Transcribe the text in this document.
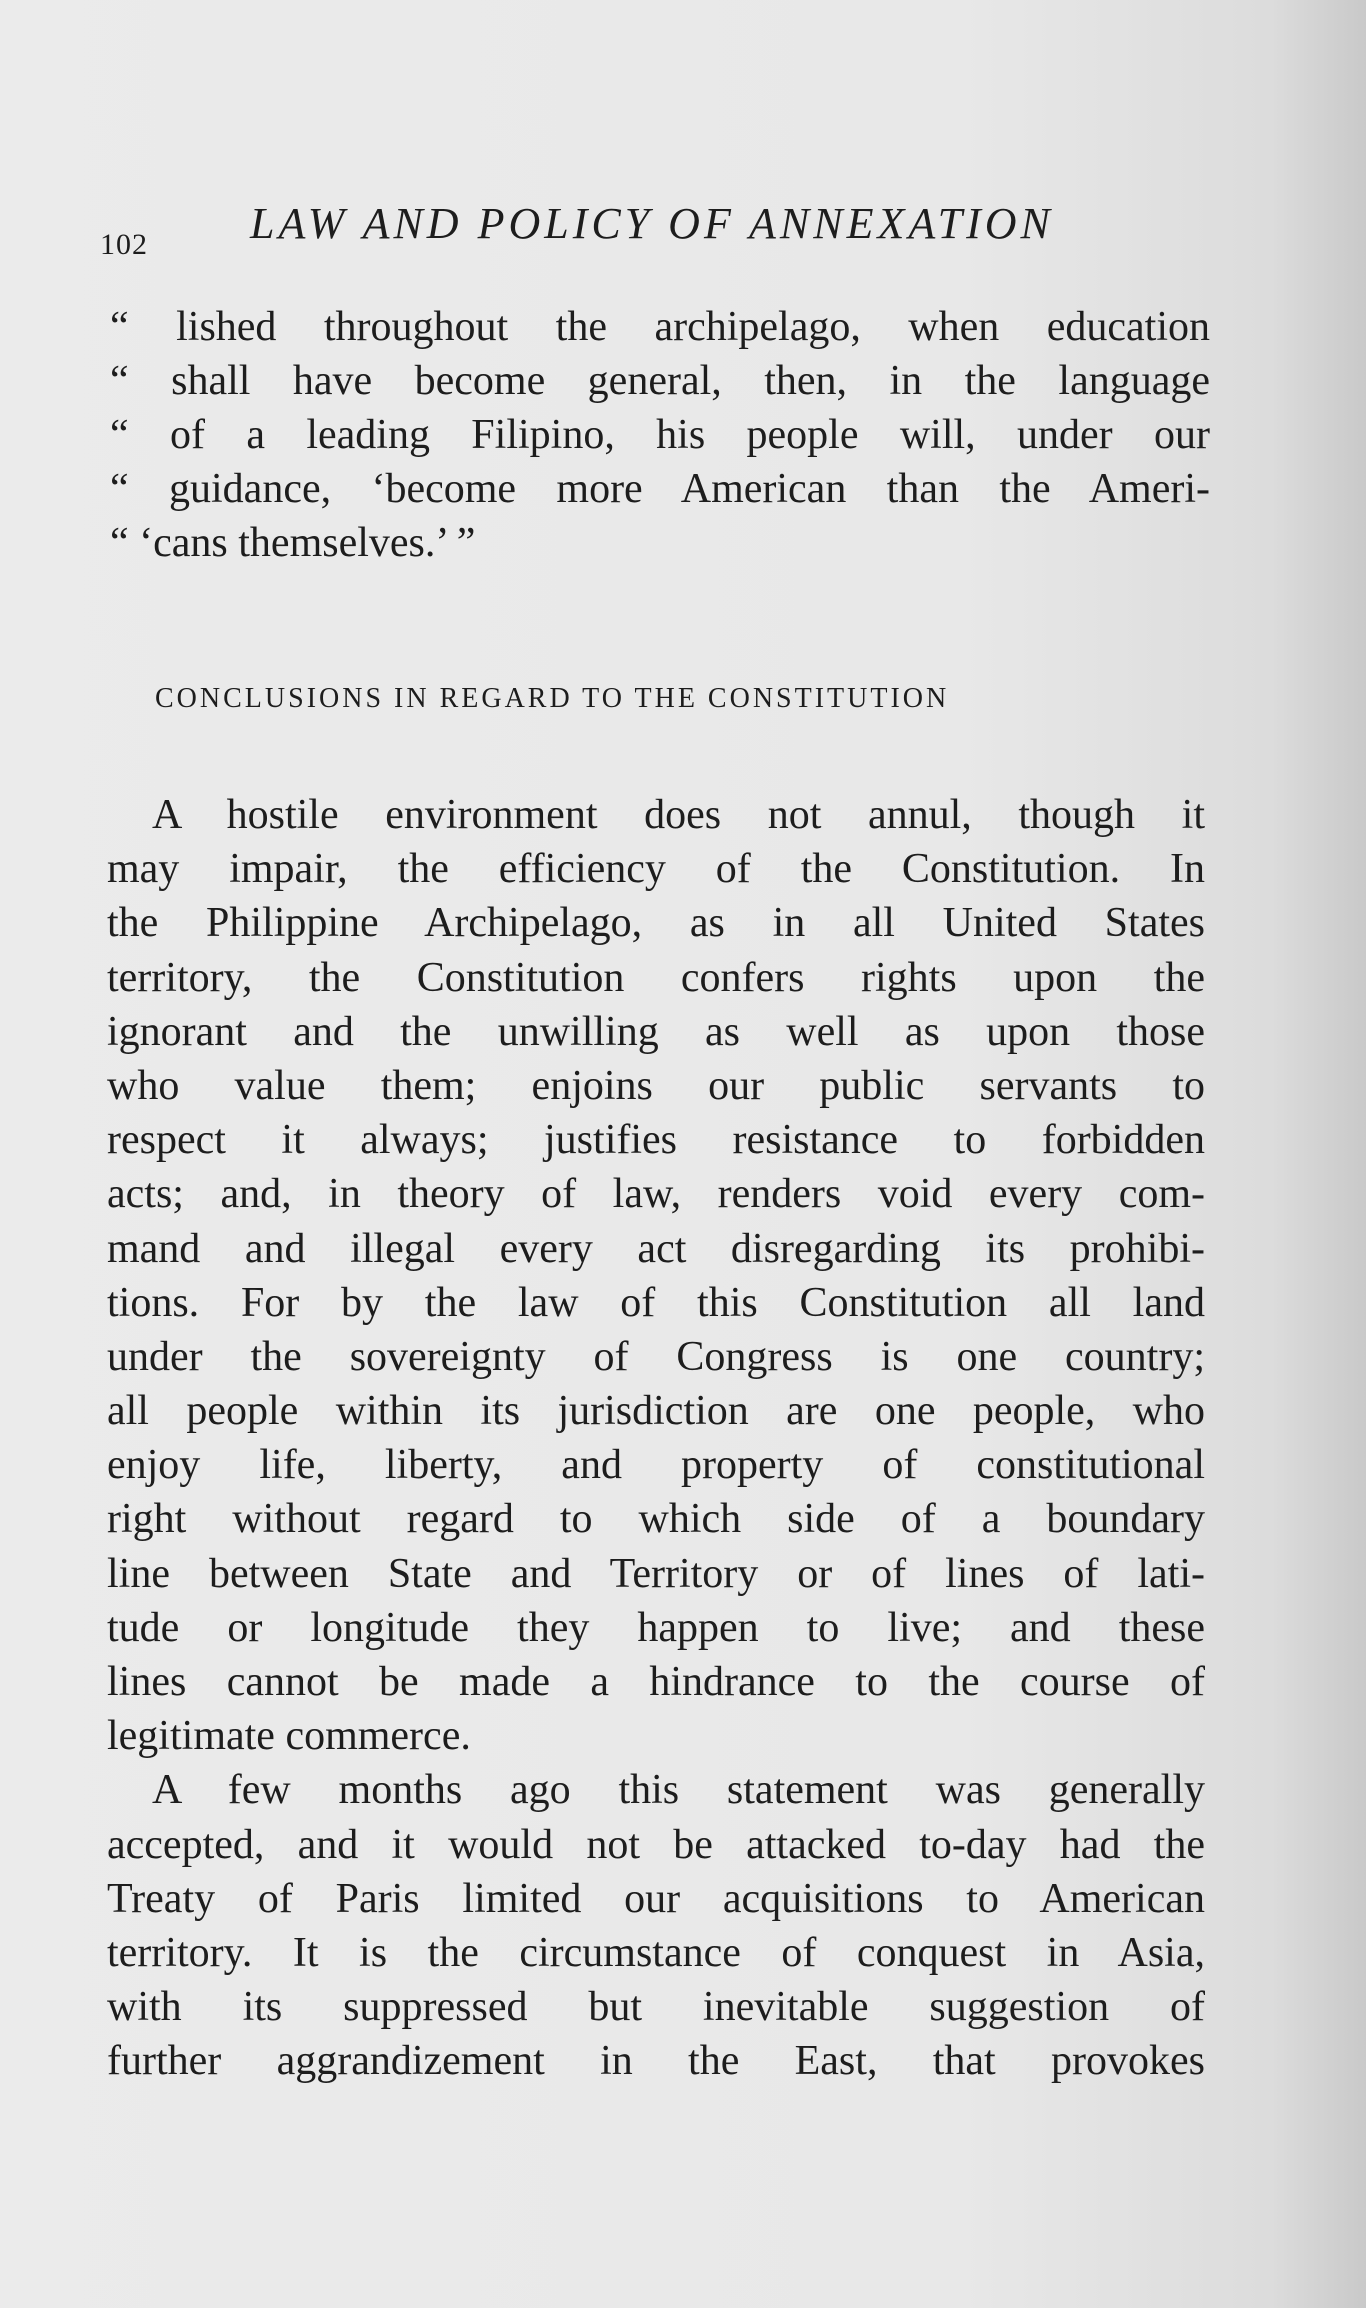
102 LAW AND POLICY OF ANNEXATION
“ lished throughout the archipelago, when education
“ shall have become general, then, in the language
“ of a leading Filipino, his people will, under our
“ guidance, ‘become more American than the Ameri-
“ ‘cans themselves.’ ”
CONCLUSIONS IN REGARD TO THE CONSTITUTION
A hostile environment does not annul, though it
may impair, the efficiency of the Constitution. In
the Philippine Archipelago, as in all United States
territory, the Constitution confers rights upon the
ignorant and the unwilling as well as upon those
who value them; enjoins our public servants to
respect it always; justifies resistance to forbidden
acts; and, in theory of law, renders void every com-
mand and illegal every act disregarding its prohibi-
tions. For by the law of this Constitution all land
under the sovereignty of Congress is one country;
all people within its jurisdiction are one people, who
enjoy life, liberty, and property of constitutional
right without regard to which side of a boundary
line between State and Territory or of lines of lati-
tude or longitude they happen to live; and these
lines cannot be made a hindrance to the course of
legitimate commerce.
A few months ago this statement was generally
accepted, and it would not be attacked to-day had the
Treaty of Paris limited our acquisitions to American
territory. It is the circumstance of conquest in Asia,
with its suppressed but inevitable suggestion of
further aggrandizement in the East, that provokes
